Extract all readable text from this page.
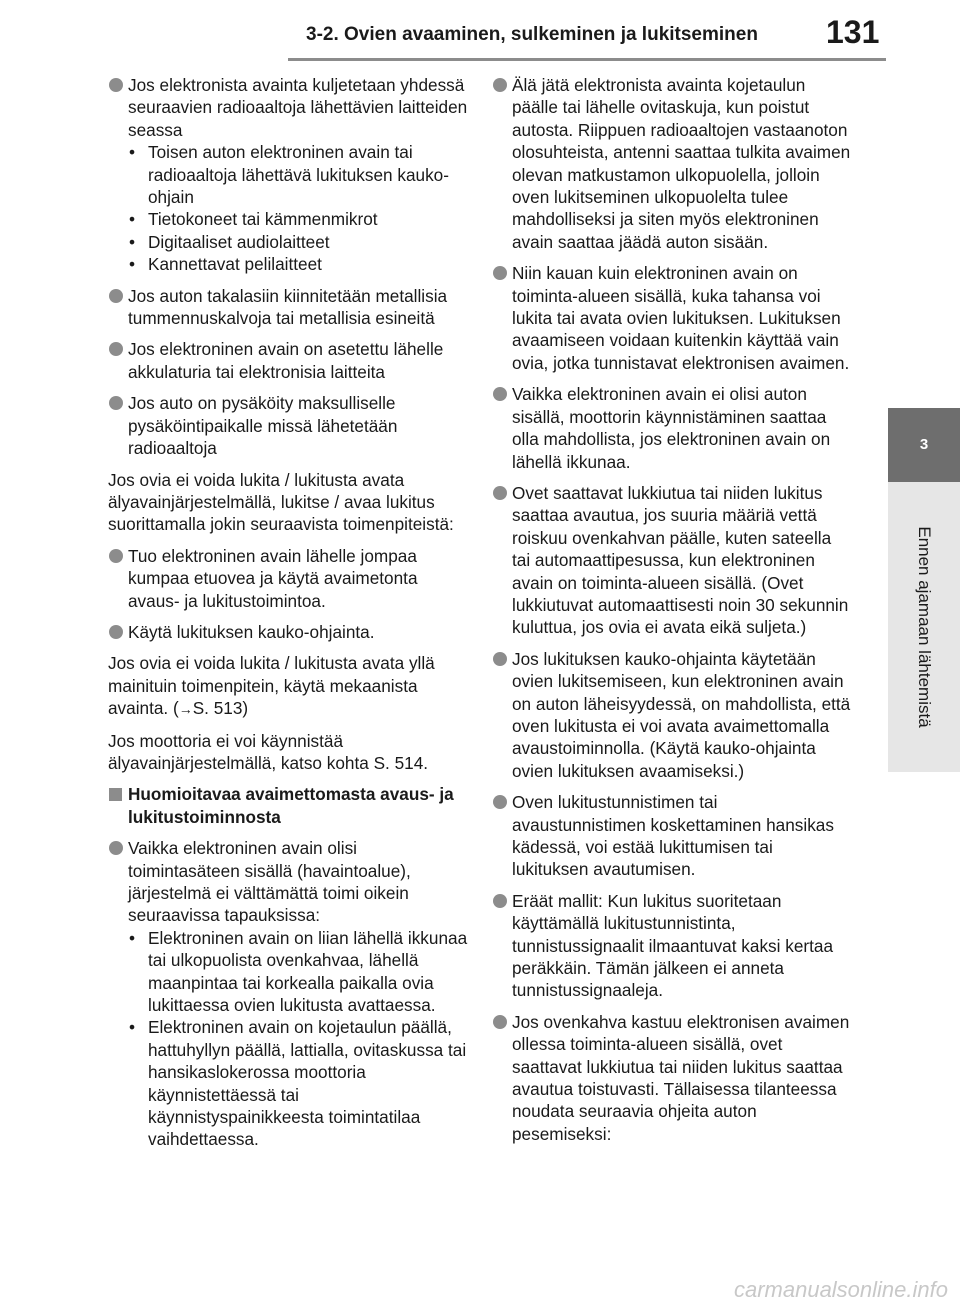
3-2. Ovien avaaminen, sulkeminen ja lukitseminen 131
3
Ennen ajamaan lähtemistä
Jos elektronista avainta kuljetetaan yhdessä seuraavien radioaaltoja lähettävien laitteiden seassa
• Toisen auton elektroninen avain tai radioaaltoja lähettävä lukituksen kauko-ohjain
• Tietokoneet tai kämmenmikrot
• Digitaaliset audiolaitteet
• Kannettavat pelilaitteet
Jos auton takalasiin kiinnitetään metallisia tummennuskalvoja tai metallisia esineitä
Jos elektroninen avain on asetettu lähelle akkulaturia tai elektronisia laitteita
Jos auto on pysäköity maksulliselle pysäköintipaikalle missä lähetetään radioaaltoja
Jos ovia ei voida lukita / lukitusta avata älyavainjärjestelmällä, lukitse / avaa lukitus suorittamalla jokin seuraavista toimenpiteistä:
Tuo elektroninen avain lähelle jompaa kumpaa etuovea ja käytä avaimetonta avaus- ja lukitustoimintoa.
Käytä lukituksen kauko-ohjainta.
Jos ovia ei voida lukita / lukitusta avata yllä mainituin toimenpitein, käytä mekaanista avainta. (→S. 513)
Jos moottoria ei voi käynnistää älyavainjärjestelmällä, katso kohta S. 514.
Huomioitavaa avaimettomasta avaus- ja lukitustoiminnosta
Vaikka elektroninen avain olisi toimintasäteen sisällä (havaintoalue), järjestelmä ei välttämättä toimi oikein seuraavissa tapauksissa:
• Elektroninen avain on liian lähellä ikkunaa tai ulkopuolista ovenkahvaa, lähellä maanpintaa tai korkealla paikalla ovia lukittaessa ovien lukitusta avattaessa.
• Elektroninen avain on kojetaulun päällä, hattuhyllyn päällä, lattialla, ovitaskussa tai hansikaslokerossa moottoria käynnistettäessä tai käynnistyspainikkeesta toimintatilaa vaihdettaessa.
Älä jätä elektronista avainta kojetaulun päälle tai lähelle ovitaskuja, kun poistut autosta. Riippuen radioaaltojen vastaanoton olosuhteista, antenni saattaa tulkita avaimen olevan matkustamon ulkopuolella, jolloin oven lukitseminen ulkopuolelta tulee mahdolliseksi ja siten myös elektroninen avain saattaa jäädä auton sisään.
Niin kauan kuin elektroninen avain on toiminta-alueen sisällä, kuka tahansa voi lukita tai avata ovien lukituksen. Lukituksen avaamiseen voidaan kuitenkin käyttää vain ovia, jotka tunnistavat elektronisen avaimen.
Vaikka elektroninen avain ei olisi auton sisällä, moottorin käynnistäminen saattaa olla mahdollista, jos elektroninen avain on lähellä ikkunaa.
Ovet saattavat lukkiutua tai niiden lukitus saattaa avautua, jos suuria määriä vettä roiskuu ovenkahvan päälle, kuten sateella tai automaattipesussa, kun elektroninen avain on toiminta-alueen sisällä. (Ovet lukkiutuvat automaattisesti noin 30 sekunnin kuluttua, jos ovia ei avata eikä suljeta.)
Jos lukituksen kauko-ohjainta käytetään ovien lukitsemiseen, kun elektroninen avain on auton läheisyydessä, on mahdollista, että oven lukitusta ei voi avata avaimettomalla avaustoiminnolla. (Käytä kauko-ohjainta ovien lukituksen avaamiseksi.)
Oven lukitustunnistimen tai avaustunnistimen koskettaminen hansikas kädessä, voi estää lukittumisen tai lukituksen avautumisen.
Eräät mallit: Kun lukitus suoritetaan käyttämällä lukitustunnistinta, tunnistussignaalit ilmaantuvat kaksi kertaa peräkkäin. Tämän jälkeen ei anneta tunnistussignaaleja.
Jos ovenkahva kastuu elektronisen avaimen ollessa toiminta-alueen sisällä, ovet saattavat lukkiutua tai niiden lukitus saattaa avautua toistuvasti. Tällaisessa tilanteessa noudata seuraavia ohjeita auton pesemiseksi:
carmanualsonline.info
